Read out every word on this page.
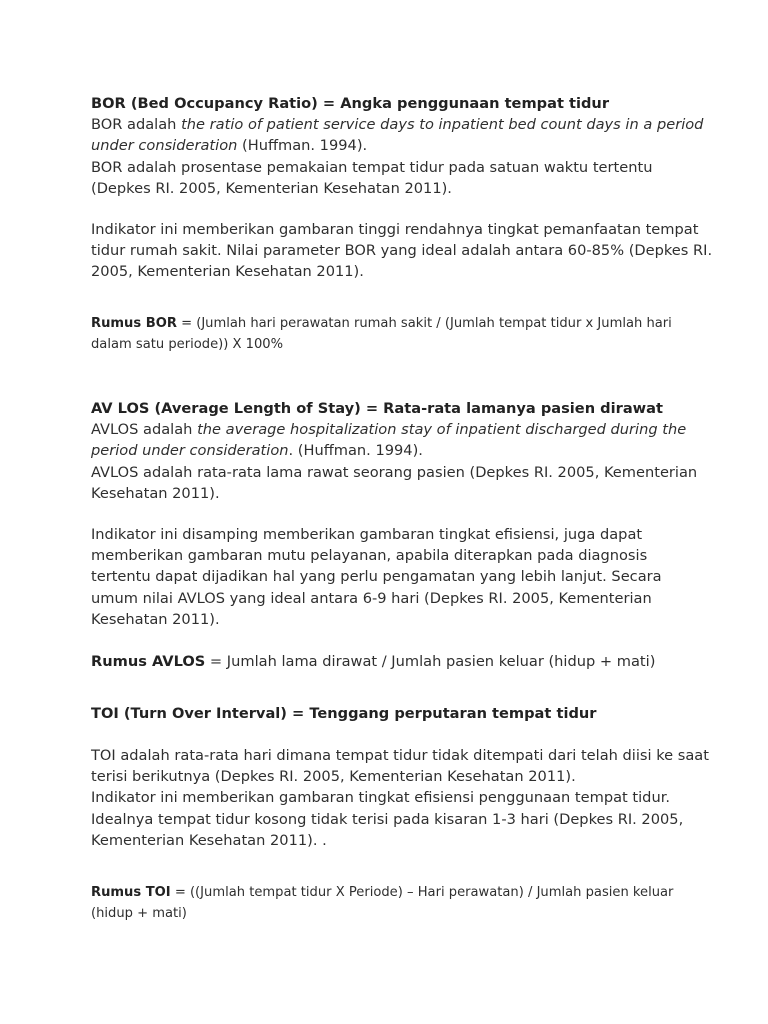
BOR (Bed Occupancy Ratio) = Angka penggunaan tempat tidur
BOR adalah the ratio of patient service days to inpatient bed count days in a period
under consideration (Huffman. 1994).
BOR adalah prosentase pemakaian tempat tidur pada satuan waktu tertentu
(Depkes RI. 2005, Kementerian Kesehatan 2011).
Indikator ini memberikan gambaran tinggi rendahnya tingkat pemanfaatan tempat
tidur rumah sakit. Nilai parameter BOR yang ideal adalah antara 60-85% (Depkes RI.
2005, Kementerian Kesehatan 2011).
Rumus BOR = (Jumlah hari perawatan rumah sakit / (Jumlah tempat tidur x Jumlah hari
dalam satu periode)) X 100%
AV LOS (Average Length of Stay) = Rata-rata lamanya pasien dirawat
AVLOS adalah the average hospitalization stay of inpatient discharged during the
period under consideration. (Huffman. 1994).
AVLOS adalah rata-rata lama rawat seorang pasien (Depkes RI. 2005, Kementerian
Kesehatan 2011).
Indikator ini disamping memberikan gambaran tingkat efisiensi, juga dapat
memberikan gambaran mutu pelayanan, apabila diterapkan pada diagnosis
tertentu dapat dijadikan hal yang perlu pengamatan yang lebih lanjut. Secara
umum nilai AVLOS yang ideal antara 6-9 hari (Depkes RI. 2005, Kementerian
Kesehatan 2011).
Rumus AVLOS = Jumlah lama dirawat / Jumlah pasien keluar (hidup + mati)
TOI (Turn Over Interval) = Tenggang perputaran tempat tidur
TOI adalah rata-rata hari dimana tempat tidur tidak ditempati dari telah diisi ke saat
terisi berikutnya (Depkes RI. 2005, Kementerian Kesehatan 2011).
Indikator ini memberikan gambaran tingkat efisiensi penggunaan tempat tidur.
Idealnya tempat tidur kosong tidak terisi pada kisaran 1-3 hari (Depkes RI. 2005,
Kementerian Kesehatan 2011). .
Rumus TOI = ((Jumlah tempat tidur X Periode) – Hari perawatan) / Jumlah pasien keluar
(hidup + mati)
